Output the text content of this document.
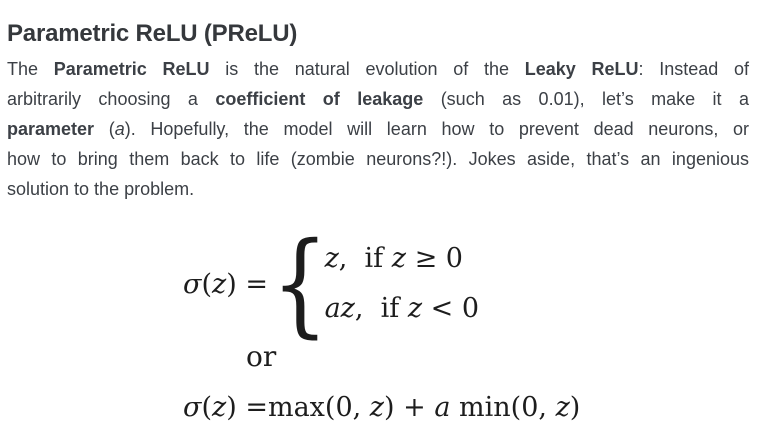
Parametric ReLU (PReLU)
The Parametric ReLU is the natural evolution of the Leaky ReLU: Instead of
arbitrarily choosing a coefficient of leakage (such as 0.01), let’s make it a
parameter (a). Hopefully, the model will learn how to prevent dead neurons, or
how to bring them back to life (zombie neurons?!). Jokes aside, that’s an ingenious
solution to the problem.
σ(z) =
{
z,  if z ≥ 0
az,  if z < 0
or
σ(z) =max(0, z) + a min(0, z)
